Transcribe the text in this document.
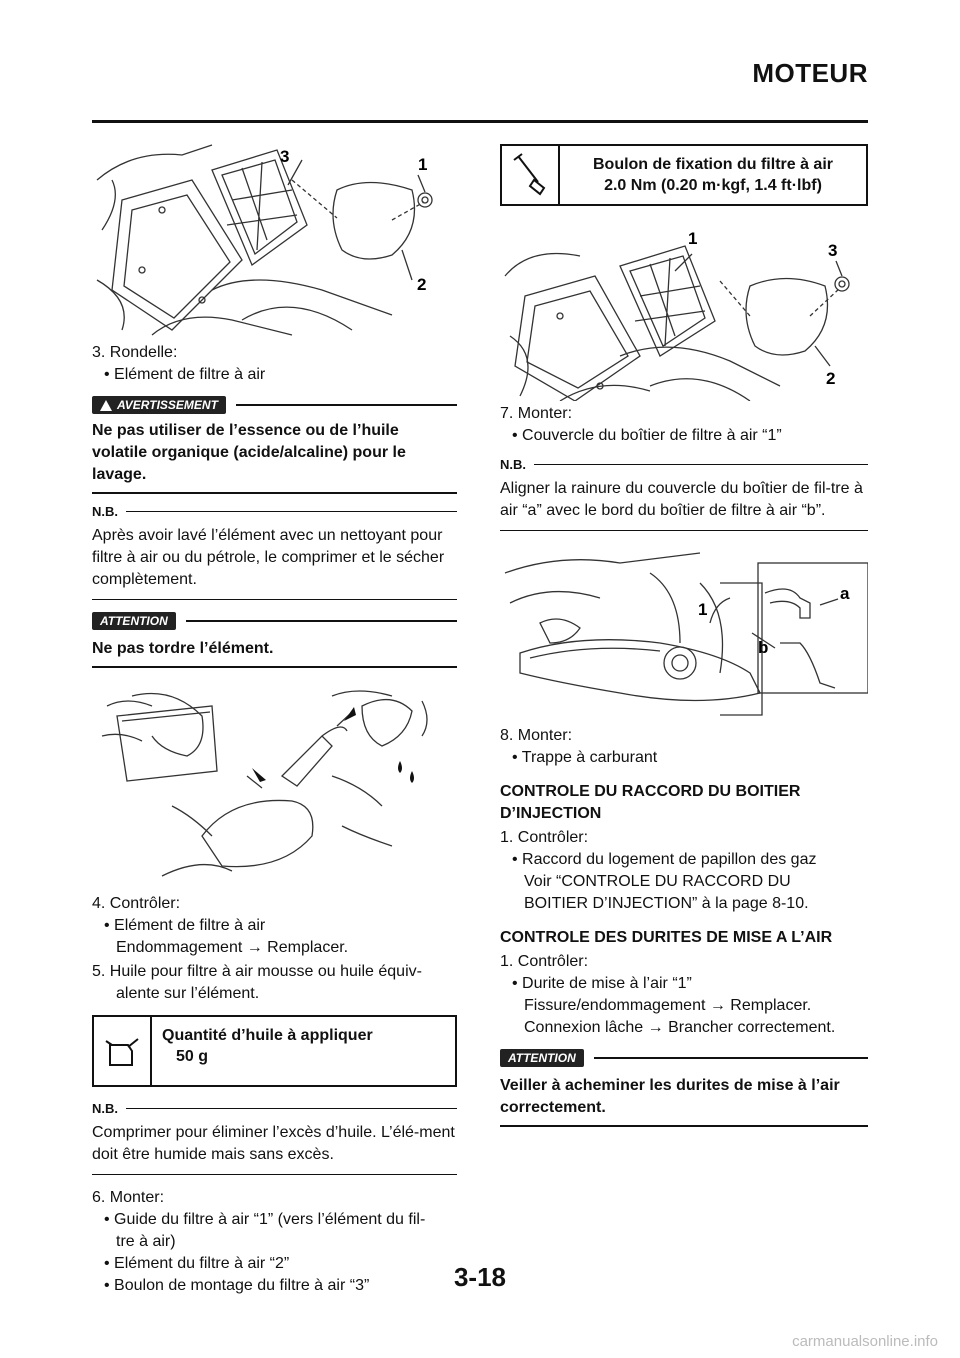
MOTEUR
3	1
2
3. Rondelle:
• Elément de filtre à air
AVERTISSEMENT
Ne pas utiliser de l’essence ou de l’huile volatile organique (acide/alcaline) pour le lavage.
N.B.
Après avoir lavé l’élément avec un nettoyant pour filtre à air ou du pétrole, le comprimer et le sécher complètement.
ATTENTION
Ne pas tordre l’élément.
4. Contrôler:
• Elément de filtre à air
Endommagement → Remplacer.
5. Huile pour filtre à air mousse ou huile équiv-
alente sur l’élément.
Quantité d’huile à appliquer
50 g
N.B.
Comprimer pour éliminer l’excès d’huile. L’élé-ment doit être humide mais sans excès.
6. Monter:
• Guide du filtre à air “1” (vers l’élément du fil-
tre à air)
• Elément du filtre à air “2”
• Boulon de montage du filtre à air “3”
Boulon de fixation du filtre à air
2.0 Nm (0.20 m·kgf, 1.4 ft·lbf)
1
3
2
7. Monter:
• Couvercle du boîtier de filtre à air “1”
N.B.
Aligner la rainure du couvercle du boîtier de fil-tre à air “a” avec le bord du boîtier de filtre à air “b”.
1
a
b
8. Monter:
• Trappe à carburant
CONTROLE DU RACCORD DU BOITIER
D’INJECTION
1. Contrôler:
• Raccord du logement de papillon des gaz
Voir “CONTROLE DU RACCORD DU
BOITIER D’INJECTION” à la page 8-10.
CONTROLE DES DURITES DE MISE A L’AIR
1. Contrôler:
• Durite de mise à l’air “1”
Fissure/endommagement → Remplacer.
Connexion lâche → Brancher correctement.
ATTENTION
Veiller à acheminer les durites de mise à l’air correctement.
3-18
carmanualsonline.info
